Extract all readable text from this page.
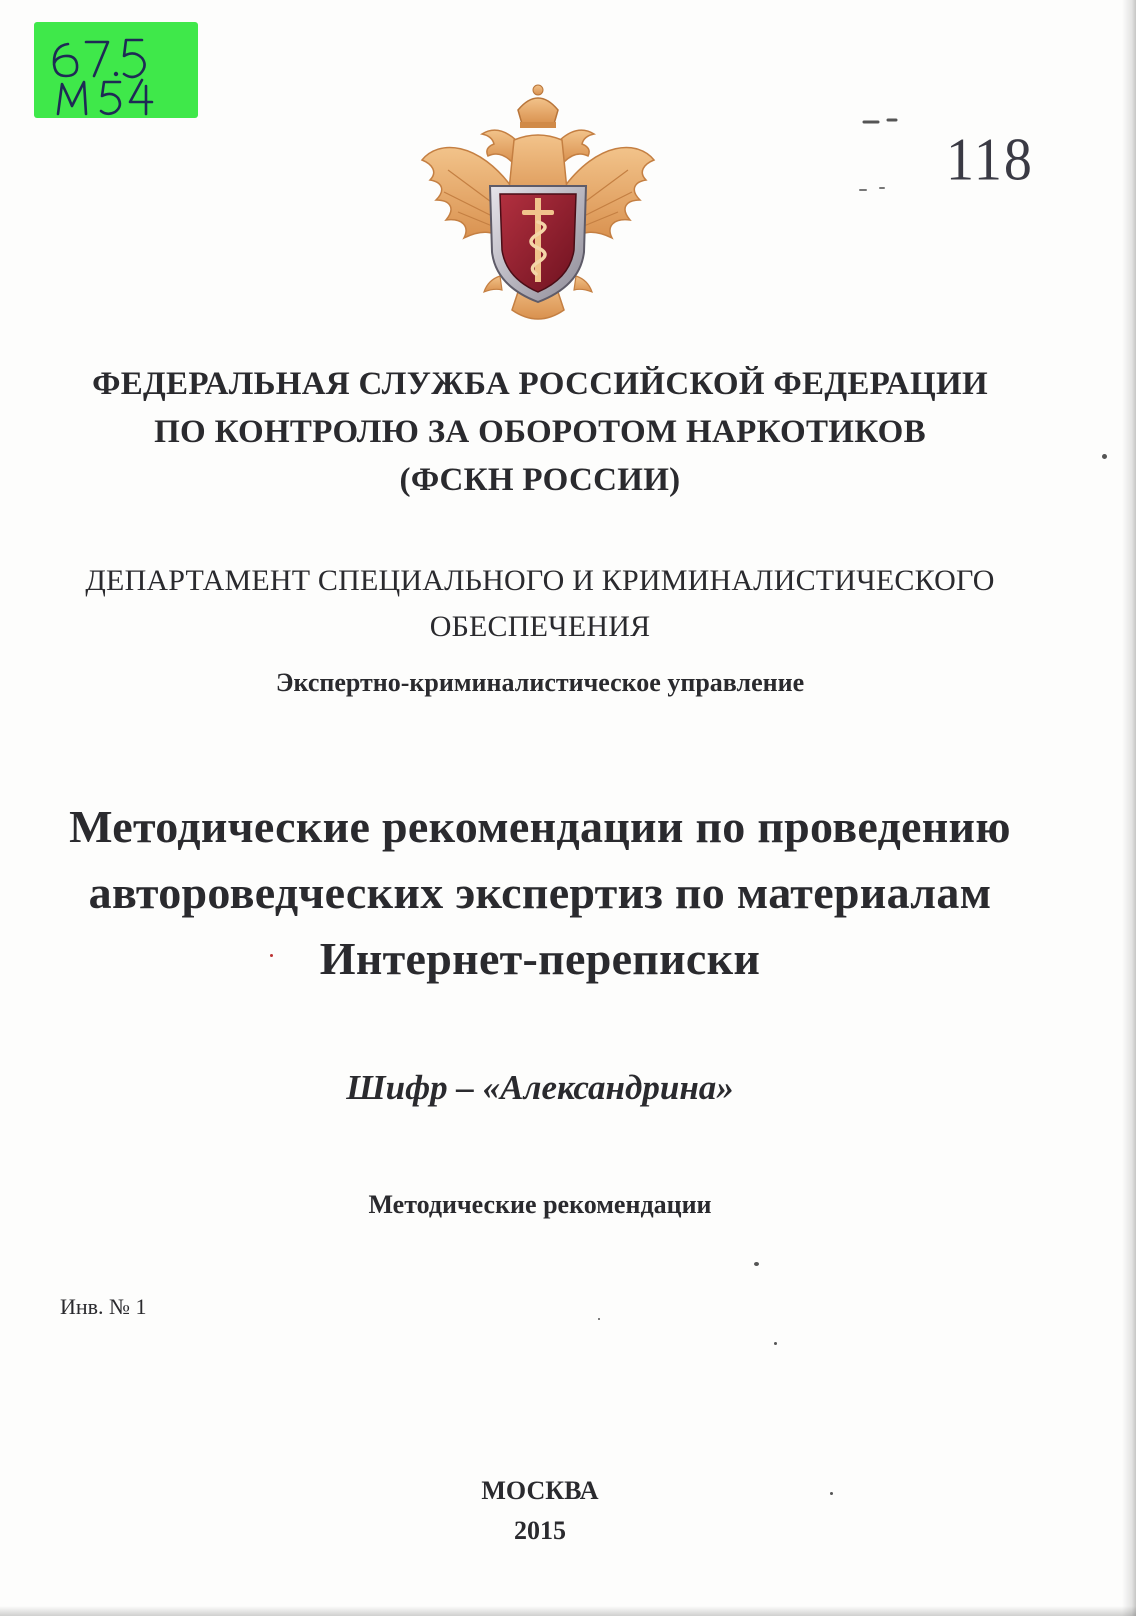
118
ФЕДЕРАЛЬНАЯ СЛУЖБА РОССИЙСКОЙ ФЕДЕРАЦИИ
ПО КОНТРОЛЮ ЗА ОБОРОТОМ НАРКОТИКОВ
(ФСКН РОССИИ)
ДЕПАРТАМЕНТ СПЕЦИАЛЬНОГО И КРИМИНАЛИСТИЧЕСКОГО
ОБЕСПЕЧЕНИЯ
Экспертно-криминалистическое управление
Методические рекомендации по проведению
автороведческих экспертиз по материалам
Интернет-переписки
Шифр – «Александрина»
Методические рекомендации
Инв. № 1
МОСКВА
2015
